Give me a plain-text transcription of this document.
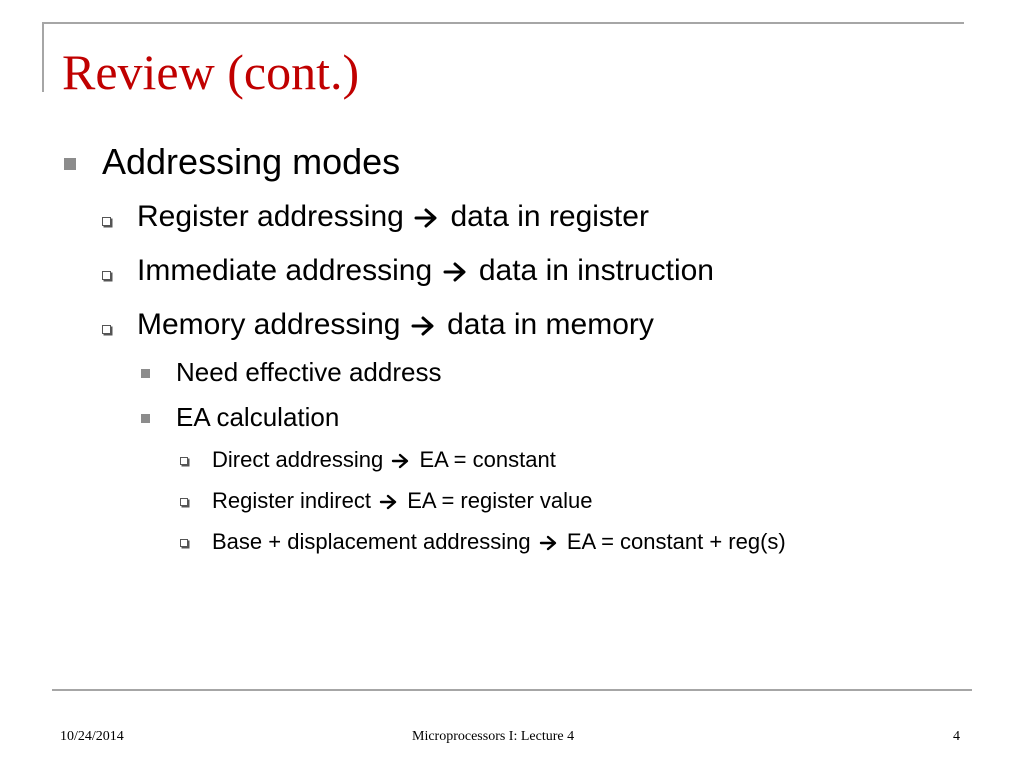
Review (cont.)
Addressing modes
Register addressing data in register
Immediate addressing data in instruction
Memory addressing data in memory
Need effective address
EA calculation
Direct addressing EA = constant
Register indirect EA = register value
Base + displacement addressing EA = constant + reg(s)
10/24/2014	Microprocessors I: Lecture 4	4
